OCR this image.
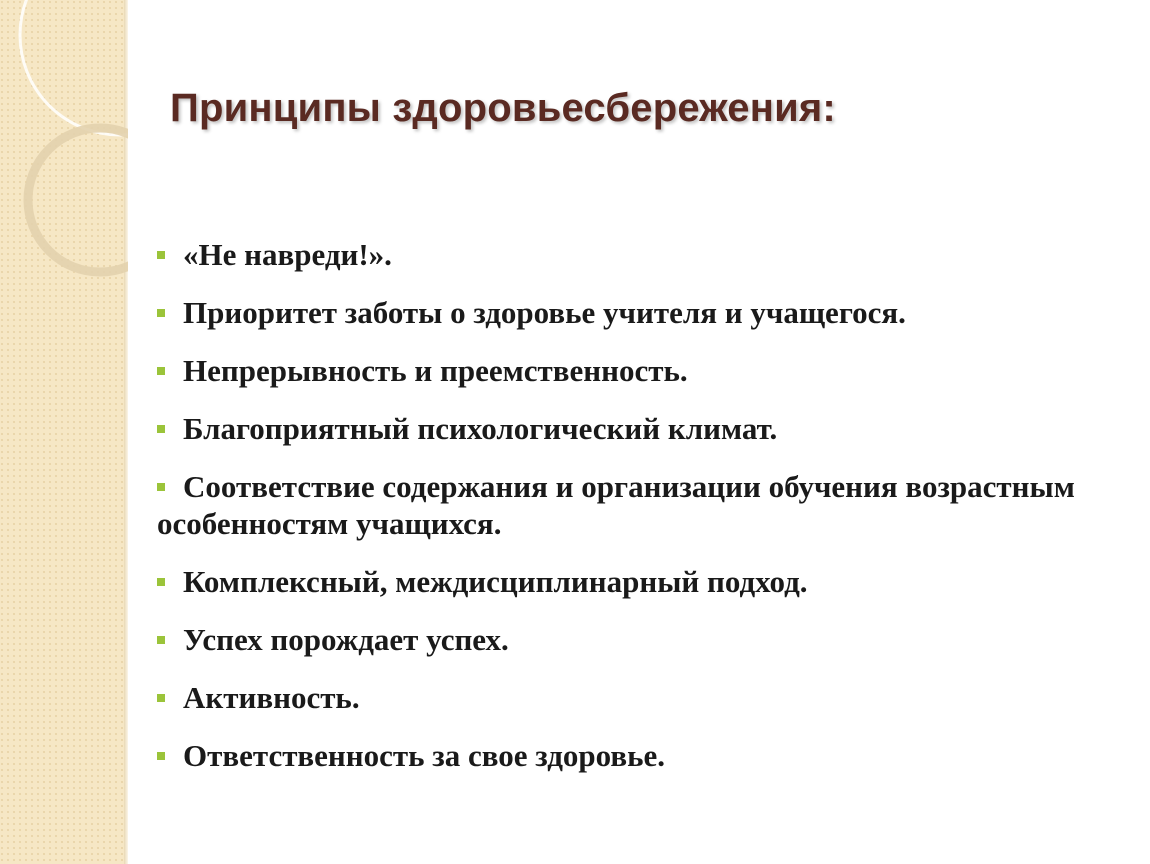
Принципы здоровьесбережения:
«Не навреди!».
Приоритет заботы о здоровье учителя и учащегося.
Непрерывность и преемственность.
Благоприятный психологический климат.
Соответствие содержания и организации обучения возрастным особенностям учащихся.
Комплексный, междисциплинарный подход.
Успех порождает успех.
Активность.
Ответственность за свое здоровье.
